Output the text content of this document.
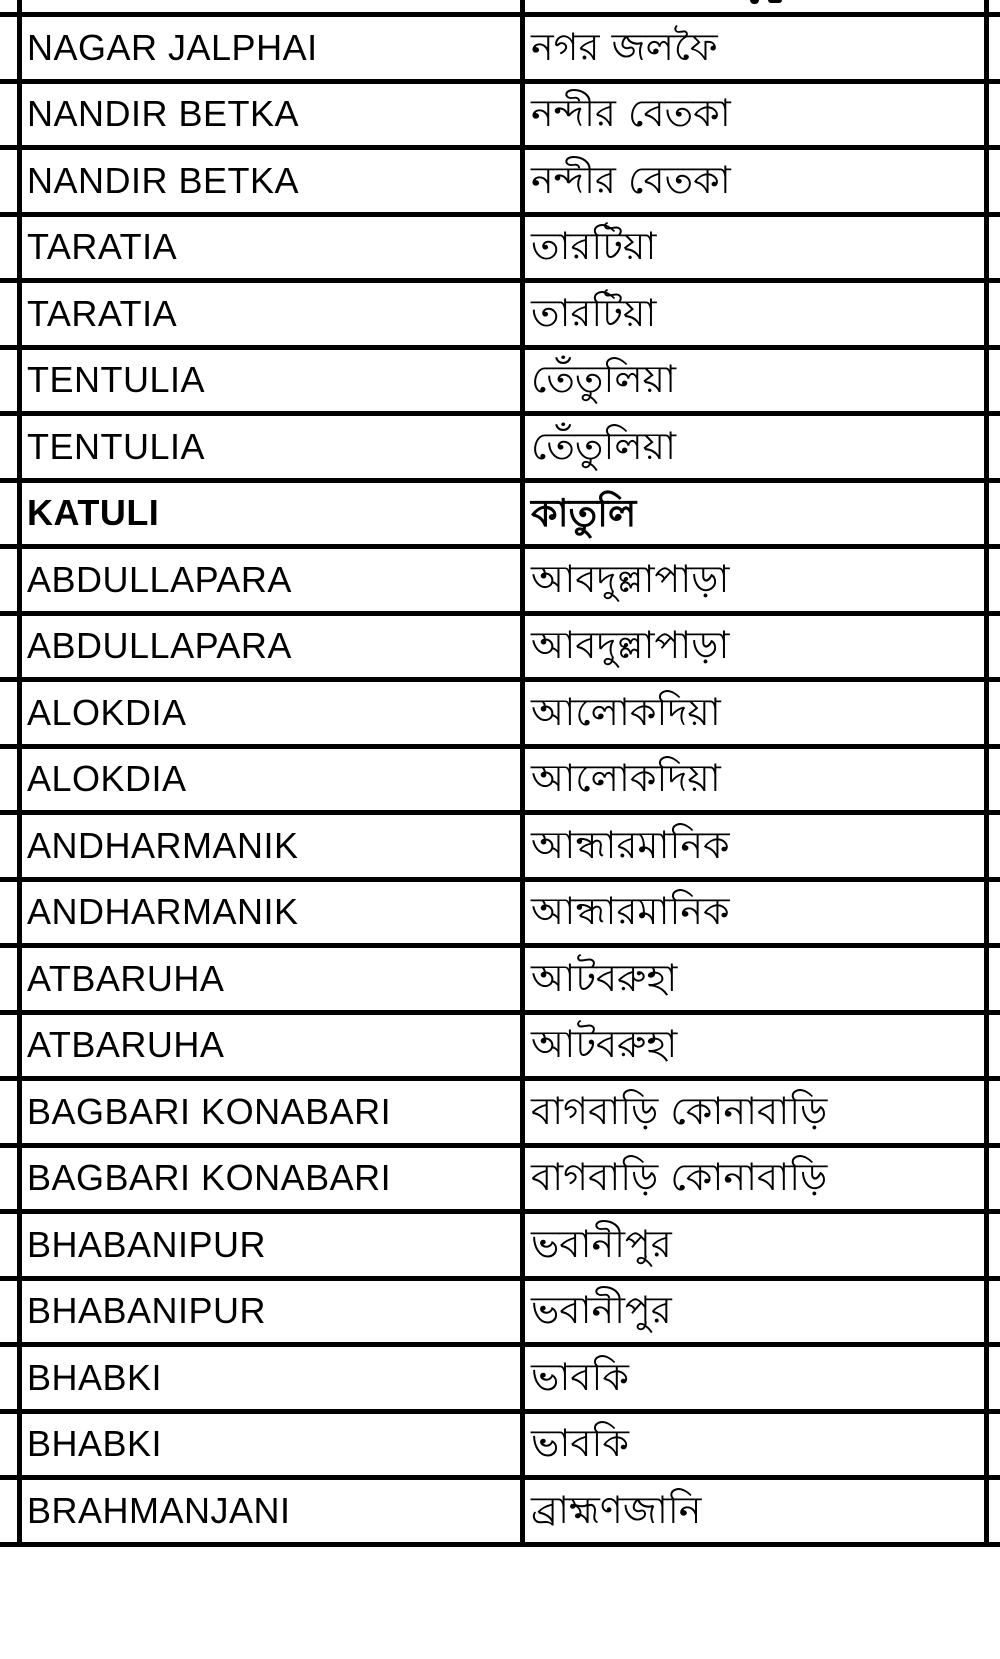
NAGAR JALPHAI	নগর জলফৈ
NANDIR BETKA	নন্দীর বেতকা
NANDIR BETKA	নন্দীর বেতকা
TARATIA	তারটিয়া
TARATIA	তারটিয়া
TENTULIA	তেঁতুলিয়া
TENTULIA	তেঁতুলিয়া
KATULI	কাতুলি
ABDULLAPARA	আবদুল্লাপাড়া
ABDULLAPARA	আবদুল্লাপাড়া
ALOKDIA	আলোকদিয়া
ALOKDIA	আলোকদিয়া
ANDHARMANIK	আন্ধারমানিক
ANDHARMANIK	আন্ধারমানিক
ATBARUHA	আটবরুহা
ATBARUHA	আটবরুহা
BAGBARI KONABARI	বাগবাড়ি কোনাবাড়ি
BAGBARI KONABARI	বাগবাড়ি কোনাবাড়ি
BHABANIPUR	ভবানীপুর
BHABANIPUR	ভবানীপুর
BHABKI	ভাবকি
BHABKI	ভাবকি
BRAHMANJANI	ব্রাহ্মণজানি
